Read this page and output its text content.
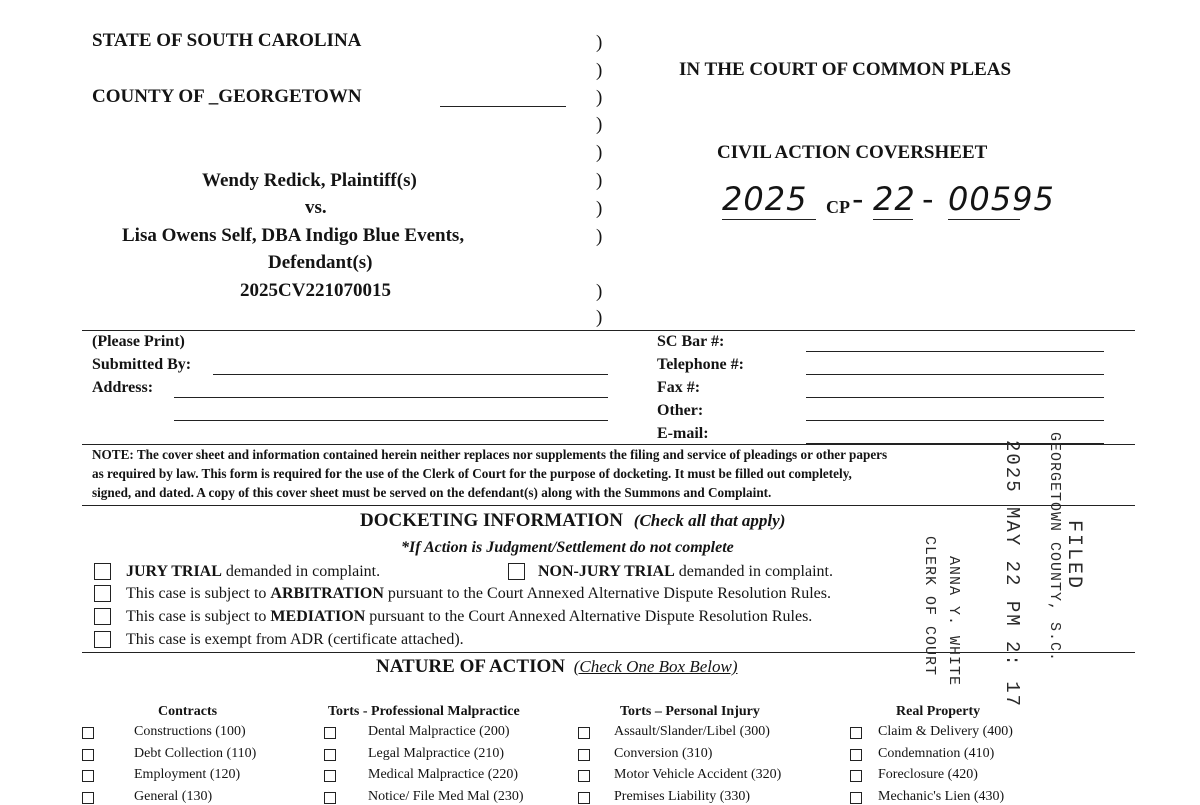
STATE OF SOUTH CAROLINA
COUNTY OF _GEORGETOWN
Wendy Redick, Plaintiff(s)
vs.
Lisa Owens Self, DBA Indigo Blue Events,
Defendant(s)
2025CV221070015
)
)
)
)
)
)
)
)
)
)
IN THE COURT OF COMMON PLEAS
CIVIL ACTION COVERSHEET
2025 CP - 22 - 00595
(Please Print)
Submitted By:
Address:
SC Bar #:
Telephone #:
Fax #:
Other:
E-mail:
NOTE: The cover sheet and information contained herein neither replaces nor supplements the filing and service of pleadings or other papers
as required by law. This form is required for the use of the Clerk of Court for the purpose of docketing. It must be filled out completely,
signed, and dated. A copy of this cover sheet must be served on the defendant(s) along with the Summons and Complaint.
DOCKETING INFORMATION (Check all that apply)
*If Action is Judgment/Settlement do not complete
JURY TRIAL demanded in complaint.	NON-JURY TRIAL demanded in complaint.
This case is subject to ARBITRATION pursuant to the Court Annexed Alternative Dispute Resolution Rules.
This case is subject to MEDIATION pursuant to the Court Annexed Alternative Dispute Resolution Rules.
This case is exempt from ADR (certificate attached).
NATURE OF ACTION (Check One Box Below)
Contracts
Constructions (100)
Debt Collection (110)
Employment (120)
General (130)
Torts - Professional Malpractice
Dental Malpractice (200)
Legal Malpractice (210)
Medical Malpractice (220)
Notice/ File Med Mal (230)
Torts – Personal Injury
Assault/Slander/Libel (300)
Conversion (310)
Motor Vehicle Accident (320)
Premises Liability (330)
Real Property
Claim & Delivery (400)
Condemnation (410)
Foreclosure (420)
Mechanic's Lien (430)
FILED
GEORGETOWN COUNTY, S.C.
2025 MAY 22 PM 2: 17
ANNA Y. WHITE
CLERK OF COURT
